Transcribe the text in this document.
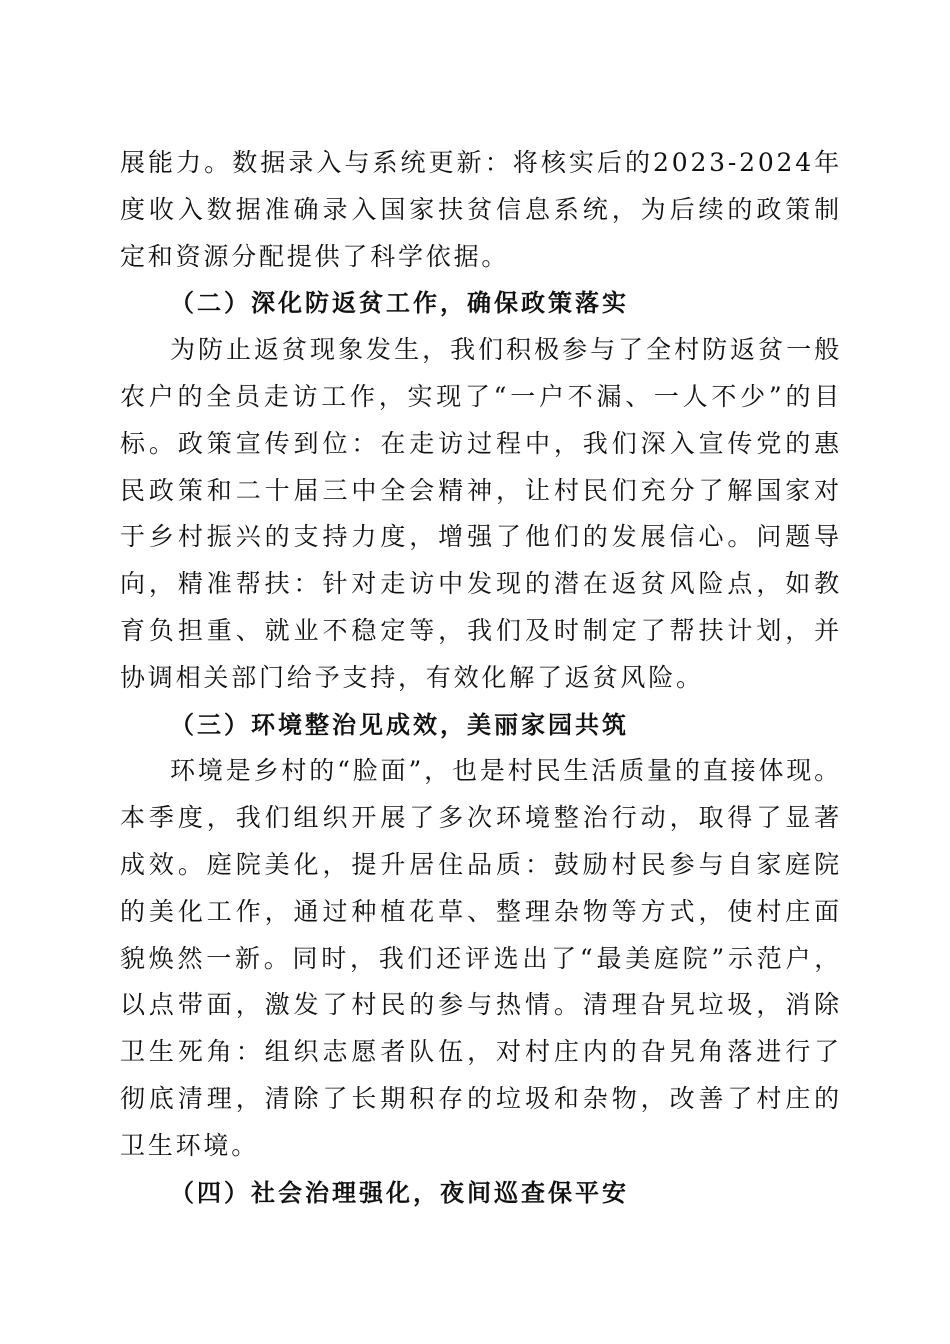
展能力。数据录入与系统更新：将核实后的2023-2024年度收入数据准确录入国家扶贫信息系统，为后续的政策制定和资源分配提供了科学依据。

（二）深化防返贫工作，确保政策落实

为防止返贫现象发生，我们积极参与了全村防返贫一般农户的全员走访工作，实现了“一户不漏、一人不少”的目标。政策宣传到位：在走访过程中，我们深入宣传党的惠民政策和二十届三中全会精神，让村民们充分了解国家对于乡村振兴的支持力度，增强了他们的发展信心。问题导向，精准帮扶：针对走访中发现的潜在返贫风险点，如教育负担重、就业不稳定等，我们及时制定了帮扶计划，并协调相关部门给予支持，有效化解了返贫风险。

（三）环境整治见成效，美丽家园共筑

环境是乡村的“脸面”，也是村民生活质量的直接体现。本季度，我们组织开展了多次环境整治行动，取得了显著成效。庭院美化，提升居住品质：鼓励村民参与自家庭院的美化工作，通过种植花草、整理杂物等方式，使村庄面貌焕然一新。同时，我们还评选出了“最美庭院”示范户，以点带面，激发了村民的参与热情。清理旮旯垃圾，消除卫生死角：组织志愿者队伍，对村庄内的旮旯角落进行了彻底清理，清除了长期积存的垃圾和杂物，改善了村庄的卫生环境。

（四）社会治理强化，夜间巡查保平安
